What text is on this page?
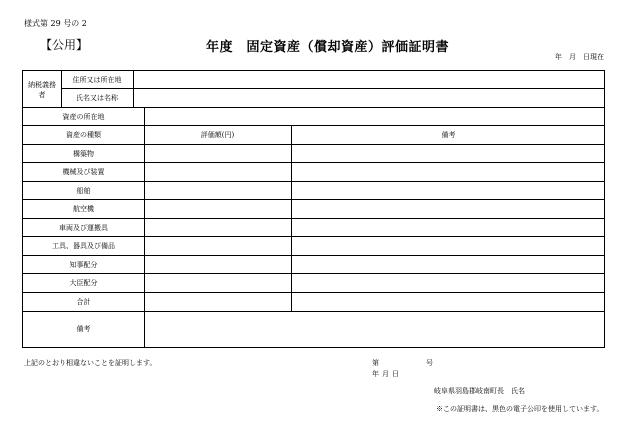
様式第 29 号の 2
【公用】	年度　固定資産（償却資産）評価証明書
年　月　日現在
納税義務者
住所又は所在地
氏名又は名称
資産の所在地
資産の種類	評価額(円)	備考
構築物
機械及び装置
船舶
航空機
車両及び運搬具
工具、器具及び備品
知事配分
大臣配分
合計
備考
上記のとおり相違ないことを証明します。	第	号
年月日
岐阜県羽島郡岐南町長　氏名
※この証明書は、黒色の電子公印を使用しています。
